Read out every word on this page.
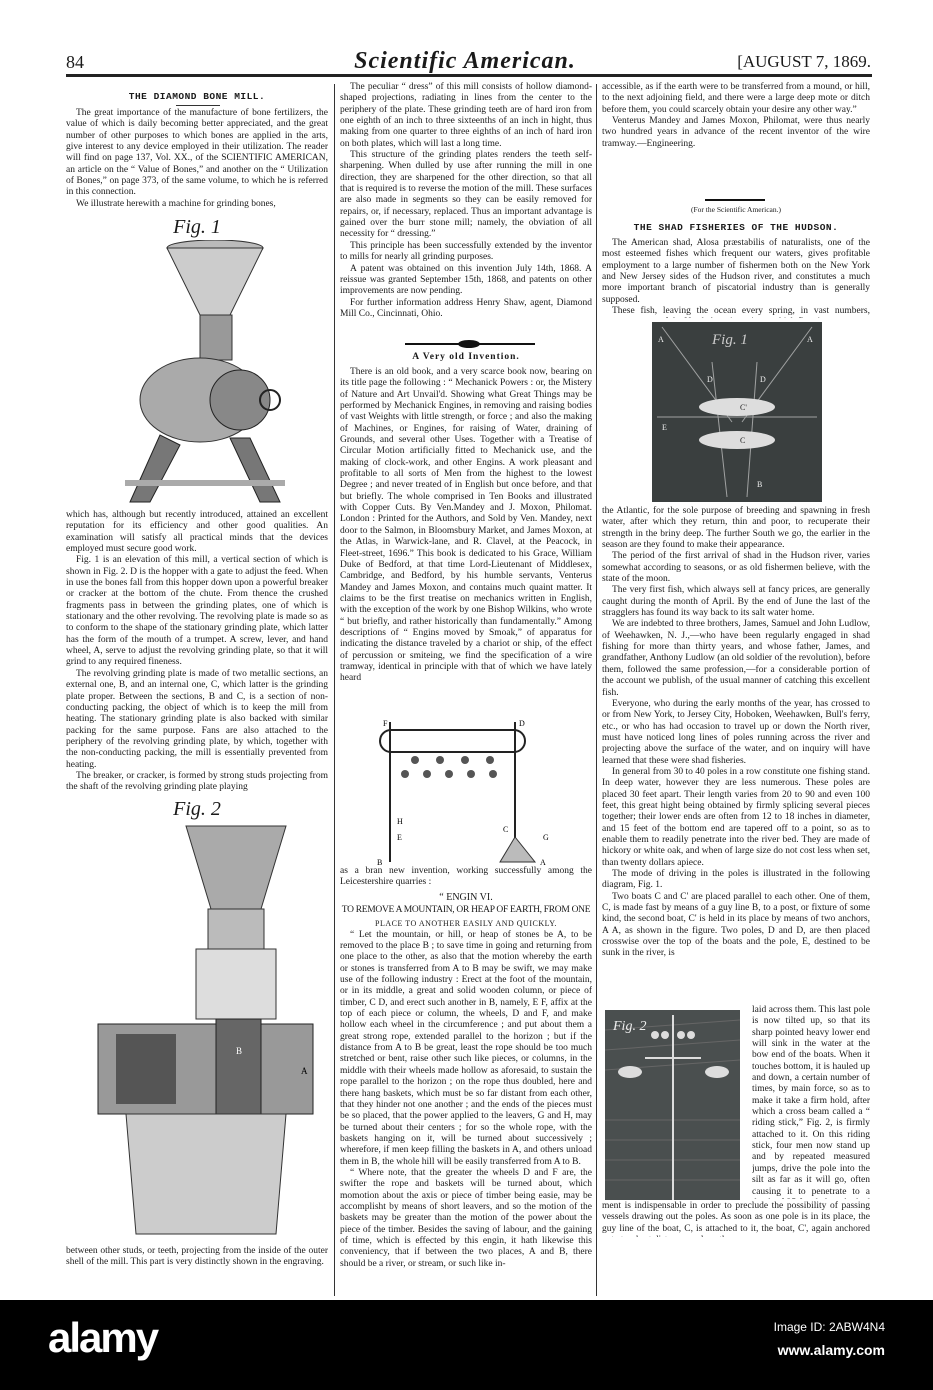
84	Scientific American.	[AUGUST 7, 1869.
THE DIAMOND BONE MILL.

The great importance of the manufacture of bone fertilizers, the value of which is daily becoming better appreciated, and the great number of other purposes to which bones are applied in the arts, give interest to any device employed in their utilization. The reader will find on page 137, Vol. XX., of the SCIENTIFIC AMERICAN, an article on the “ Value of Bones,” and another on the “ Utilization of Bones,” on page 373, of the same volume, to which he is referred in this connection.

We illustrate herewith a machine for grinding bones,

Fig. 1

which has, although but recently introduced, attained an excellent reputation for its efficiency and other good qualities. An examination will satisfy all practical minds that the devices employed must secure good work.

Fig. 1 is an elevation of this mill, a vertical section of which is shown in Fig. 2. D is the hopper with a gate to adjust the feed. When in use the bones fall from this hopper down upon a powerful breaker or cracker at the bottom of the chute. From thence the crushed fragments pass in between the grinding plates, one of which is stationary and the other revolving. The revolving plate is made so as to conform to the shape of the stationary grinding plate, which latter has the form of the mouth of a trumpet. A screw, lever, and hand wheel, A, serve to adjust the revolving grinding plate, so that it will grind to any required fineness.

The revolving grinding plate is made of two metallic sections, an external one, B, and an internal one, C, which latter is the grinding plate proper. Between the sections, B and C, is a section of non-conducting packing, the object of which is to keep the mill from heating. The stationary grinding plate is also backed with similar packing for the same purpose. Fans are also attached to the periphery of the revolving grinding plate, by which, together with the non-conducting packing, the mill is essentially prevented from heating.

The breaker, or cracker, is formed by strong studs projecting from the shaft of the revolving grinding plate playing

Fig. 2
B
A

between other studs, or teeth, projecting from the inside of the outer shell of the mill. This part is very distinctly shown in the engraving.

The peculiar “ dress” of this mill consists of hollow diamond-shaped projections, radiating in lines from the center to the periphery of the plate. These grinding teeth are of hard iron from one eighth of an inch to three sixteenths of an inch in hight, thus making from one quarter to three eighths of an inch of hard iron on both plates, which will last a long time.

This structure of the grinding plates renders the teeth self-sharpening. When dulled by use after running the mill in one direction, they are sharpened for the other direction, so that all that is required is to reverse the motion of the mill. These surfaces are also made in segments so they can be easily removed for repairs, or, if necessary, replaced. Thus an important advantage is gained over the burr stone mill; namely, the obviation of all necessity for “ dressing.”

This principle has been successfully extended by the inventor to mills for nearly all grinding purposes.

A patent was obtained on this invention July 14th, 1868. A reissue was granted September 15th, 1868, and patents on other improvements are now pending.

For further information address Henry Shaw, agent, Diamond Mill Co., Cincinnati, Ohio.

A Very old Invention.

There is an old book, and a very scarce book now, bearing on its title page the following : “ Mechanick Powers : or, the Mistery of Nature and Art Unvail'd. Showing what Great Things may be performed by Mechanick Engines, in removing and raising bodies of vast Weights with little strength, or force ; and also the making of Machines, or Engines, for raising of Water, draining of Grounds, and several other Uses. Together with a Treatise of Circular Motion artificially fitted to Mechanick use, and the making of clock-work, and other Engins. A work pleasant and profitable to all sorts of Men from the highest to the lowest Degree ; and never treated of in English but once before, and that but briefly. The whole comprised in Ten Books and illustrated with Copper Cuts. By Ven.Mandey and J. Moxon, Philomat. London : Printed for the Authors, and Sold by Ven. Mandey, next door to the Salmon, in Bloomsbury Market, and James Moxon, at the Atlas, in Warwick-lane, and R. Clavel, at the Peacock, in Fleet-street, 1696.” This book is dedicated to his Grace, William Duke of Bedford, at that time Lord-Lieutenant of Middlesex, Cambridge, and Bedford, by his humble servants, Venterus Mandey and James Moxon, and contains much quaint matter. It claims to be the first treatise on mechanics written in English, with the exception of the work by one Bishop Wilkins, who wrote “ but briefly, and rather historically than fundamentally.” Among descriptions of “ Engins moved by Smoak,” of apparatus for indicating the distance traveled by a chariot or ship, of the effect of percussion or smiteing, we find the specification of a wire tramway, identical in principle with that of which we have lately heard

F	D
H
E
B
G
C
A

as a bran new invention, working successfully among the Leicestershire quarries :

“ ENGIN VI.
TO REMOVE A MOUNTAIN, OR HEAP OF EARTH, FROM ONE
PLACE TO ANOTHER EASILY AND QUICKLY.

“ Let the mountain, or hill, or heap of stones be A, to be removed to the place B ; to save time in going and returning from one place to the other, as also that the motion whereby the earth or stones is transferred from A to B may be swift, we may make use of the following industry : Erect at the foot of the mountain, or in its middle, a great and solid wooden column, or piece of timber, C D, and erect such another in B, namely, E F, affix at the top of each piece or column, the wheels, D and F, and make hollow each wheel in the circumference ; and put about them a great strong rope, extended parallel to the horizon ; but if the distance from A to B be great, least the rope should be too much stretched or bent, raise other such like pieces, or columns, in the middle with their wheels made hollow as aforesaid, to sustain the rope parallel to the horizon ; on the rope thus doubled, here and there hang baskets, which must be so far distant from each other, that they hinder not one another ; and the ends of the pieces must be so placed, that the power applied to the leavers, G and H, may be turned about their centers ; for so the whole rope, with the baskets hanging on it, will be turned about successively ; wherefore, if men keep filling the baskets in A, and others unload them in B, the whole hill will be easily transferred from A to B.

“ Where note, that the greater the wheels D and F are, the swifter the rope and baskets will be turned about, which momotion about the axis or piece of timber being easie, may be accomplisht by means of short leavers, and so the motion of the baskets may be greater than the motion of the power about the piece of the timber. Besides the saving of labour, and the gaining of time, which is effected by this engin, it hath likewise this conveniency, that if between the two places, A and B, there should be a river, or stream, or such like in-

accessible, as if the earth were to be transferred from a mound, or hill, to the next adjoining field, and there were a large deep mote or ditch before them, you could scarcely obtain your desire any other way.”

Venterus Mandey and James Moxon, Philomat, were thus nearly two hundred years in advance of the recent inventor of the wire tramway.—Engineering.

(For the Scientific American.)
THE SHAD FISHERIES OF THE HUDSON.

The American shad, Alosa præstabilis of naturalists, one of the most esteemed fishes which frequent our waters, gives profitable employment to a large number of fishermen both on the New York and New Jersey sides of the Hudson river, and constitutes a much more important branch of piscatorial industry than is generally supposed.

These fish, leaving the ocean every spring, in vast numbers,

Fig. 1
A	A
D	D
C'
E
C
B

the Atlantic, for the sole purpose of breeding and spawning in fresh water, after which they return, thin and poor, to recuperate their strength in the briny deep. The further South we go, the earlier in the season are they found to make their appearance.

The period of the first arrival of shad in the Hudson river, varies somewhat according to seasons, or as old fishermen believe, with the state of the moon.

The very first fish, which always sell at fancy prices, are generally caught during the month of April. By the end of June the last of the stragglers has found its way back to its salt water home.

We are indebted to three brothers, James, Samuel and John Ludlow, of Weehawken, N. J.,—who have been regularly engaged in shad fishing for more than thirty years, and whose father, James, and grandfather, Anthony Ludlow (an old soldier of the revolution), before them, followed the same profession,—for a considerable portion of the account we publish, of the usual manner of catching this excellent fish.

Everyone, who during the early months of the year, has crossed to or from New York, to Jersey City, Hoboken, Weehawken, Bull's ferry, etc., or who has had occasion to travel up or down the North river, must have noticed long lines of poles running across the river and projecting above the surface of the water, and on inquiry will have learned that these were shad fisheries.

In general from 30 to 40 poles in a row constitute one fishing stand. In deep water, however they are less numerous. These poles are placed 30 feet apart. Their length varies from 20 to 90 and even 100 feet, this great hight being obtained by firmly splicing several pieces together; their lower ends are often from 12 to 18 inches in diameter, and 15 feet of the bottom end are tapered off to a point, so as to enable them to readily penetrate into the river bed. They are made of hickory or white oak, and when of large size do not cost less when set, than twenty dollars apiece.

The mode of driving in the poles is illustrated in the following diagram, Fig. 1.

Two boats C and C' are placed parallel to each other. One of them, C, is made fast by means of a guy line B, to a post, or fixture of some kind, the second boat, C' is held in its place by means of two anchors, A A, as shown in the figure. Two poles, D and D, are then placed crosswise over the top of the boats and the pole, E, destined to be sunk in the river, is

Fig. 2

laid across them. This last pole is now tilted up, so that its sharp pointed heavy lower end will sink in the water at the bow end of the boats. When it touches bottom, it is hauled up and down, a certain number of times, by main force, so as to make it take a firm hold, after which a cross beam called a “ riding stick,” Fig. 2, is firmly attached to it. On this riding stick, four men now stand up and by repeated measured jumps, drive the pole into the silt as far as it will go, often causing it to penetrate to a

ment is indispensable in order to preclude the possibility of passing vessels drawing out the poles. As soon as one pole is in its place, the guy line of the boat, C, is attached to it, the boat, C', again anchored

alamy	Image ID: 2ABW4N4
www.alamy.com
